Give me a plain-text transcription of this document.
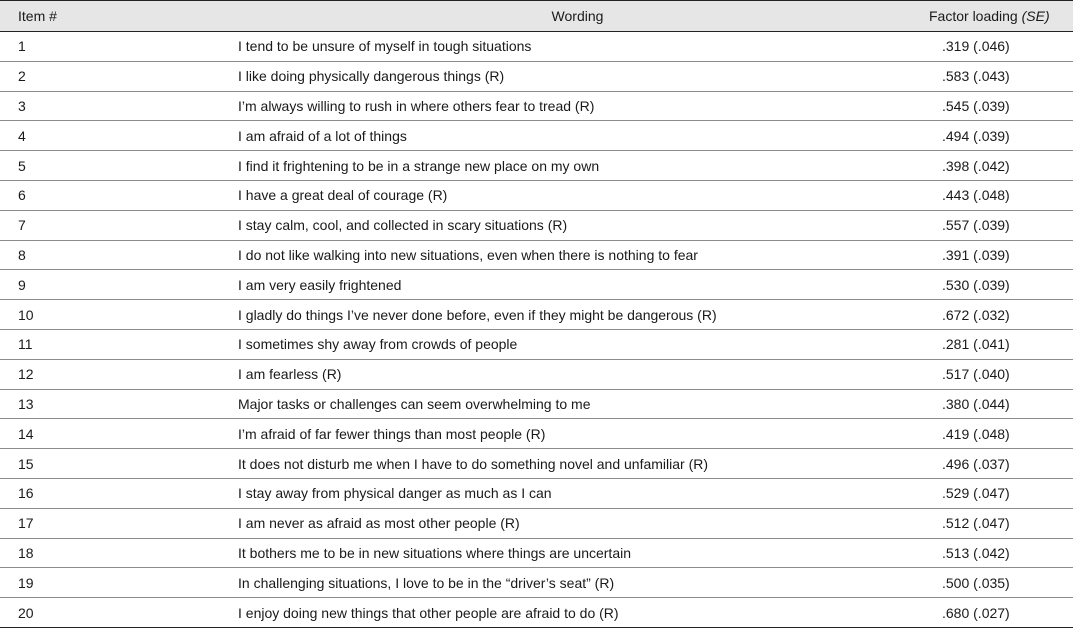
Item #	Wording	Factor loading (SE)
1	I tend to be unsure of myself in tough situations	.319 (.046)
2	I like doing physically dangerous things (R)	.583 (.043)
3	I’m always willing to rush in where others fear to tread (R)	.545 (.039)
4	I am afraid of a lot of things	.494 (.039)
5	I find it frightening to be in a strange new place on my own	.398 (.042)
6	I have a great deal of courage (R)	.443 (.048)
7	I stay calm, cool, and collected in scary situations (R)	.557 (.039)
8	I do not like walking into new situations, even when there is nothing to fear	.391 (.039)
9	I am very easily frightened	.530 (.039)
10	I gladly do things I’ve never done before, even if they might be dangerous (R)	.672 (.032)
11	I sometimes shy away from crowds of people	.281 (.041)
12	I am fearless (R)	.517 (.040)
13	Major tasks or challenges can seem overwhelming to me	.380 (.044)
14	I’m afraid of far fewer things than most people (R)	.419 (.048)
15	It does not disturb me when I have to do something novel and unfamiliar (R)	.496 (.037)
16	I stay away from physical danger as much as I can	.529 (.047)
17	I am never as afraid as most other people (R)	.512 (.047)
18	It bothers me to be in new situations where things are uncertain	.513 (.042)
19	In challenging situations, I love to be in the “driver’s seat” (R)	.500 (.035)
20	I enjoy doing new things that other people are afraid to do (R)	.680 (.027)
